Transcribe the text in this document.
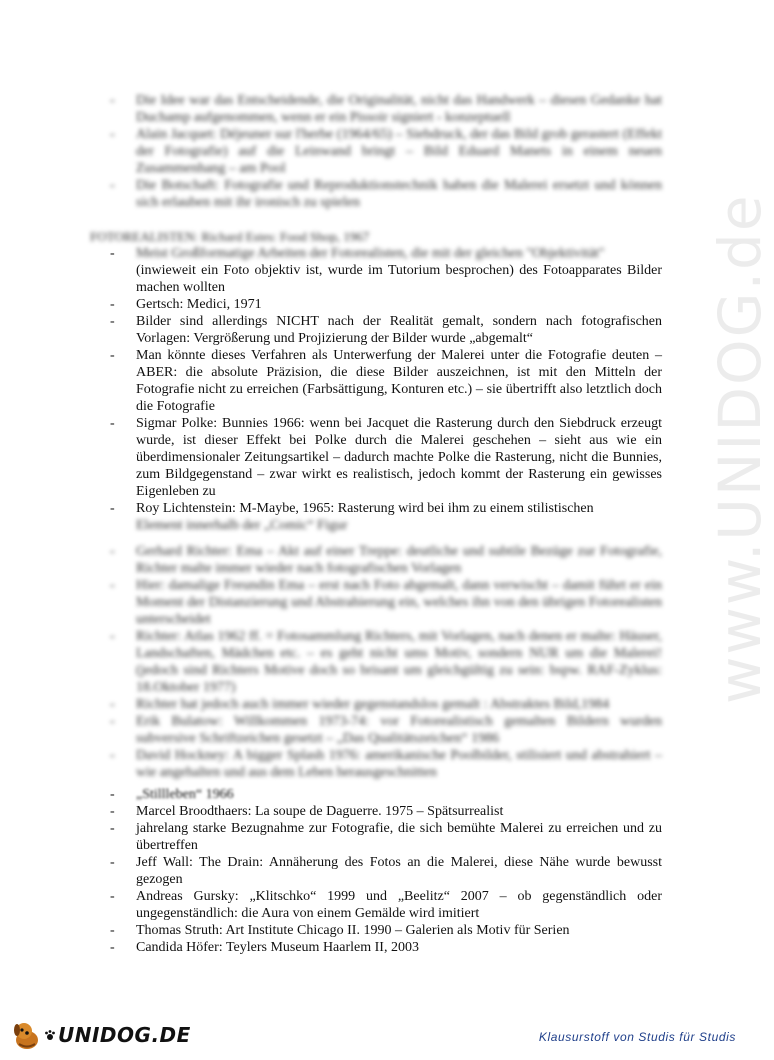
www.UNIDOG.de
- Die Idee war das Entscheidende, die Originalität, nicht das Handwerk – diesen Gedanke hat Duchamp aufgenommen, wenn er ein Pissoir signiert - konzeptuell
- Alain Jacquet: Déjeuner sur l'herbe (1964/65) – Siebdruck, der das Bild grob gerastert (Effekt der Fotografie) auf die Leinwand bringt – Bild Eduard Manets in einem neuen Zusammenhang – am Pool
- Die Botschaft: Fotografie und Reproduktionstechnik haben die Malerei ersetzt und können sich erlauben mit ihr ironisch zu spielen
FOTOREALISTEN: Richard Estes: Food Shop, 1967
- Meist Großformatige Arbeiten der Fotorealisten, die mit der gleichen "Objektivität"
(inwieweit ein Foto objektiv ist, wurde im Tutorium besprochen) des Fotoapparates Bilder machen wollten
- Gertsch: Medici, 1971
- Bilder sind allerdings NICHT nach der Realität gemalt, sondern nach fotografischen Vorlagen: Vergrößerung und Projizierung der Bilder wurde „abgemalt“
- Man könnte dieses Verfahren als Unterwerfung der Malerei unter die Fotografie deuten – ABER: die absolute Präzision, die diese Bilder auszeichnen, ist mit den Mitteln der Fotografie nicht zu erreichen (Farbsättigung, Konturen etc.) – sie übertrifft also letztlich doch die Fotografie
- Sigmar Polke: Bunnies 1966: wenn bei Jacquet die Rasterung durch den Siebdruck erzeugt wurde, ist dieser Effekt bei Polke durch die Malerei geschehen – sieht aus wie ein überdimensionaler Zeitungsartikel – dadurch machte Polke die Rasterung, nicht die Bunnies, zum Bildgegenstand – zwar wirkt es realistisch, jedoch kommt der Rasterung ein gewisses Eigenleben zu
- Roy Lichtenstein: M-Maybe, 1965: Rasterung wird bei ihm zu einem stilistischen
Element innerhalb der „Comic“ Figur
- Gerhard Richter: Ema – Akt auf einer Treppe: deutliche und subtile Bezüge zur Fotografie, Richter malte immer wieder nach fotografischen Vorlagen
- Hier: damalige Freundin Ema – erst nach Foto abgemalt, dann verwischt – damit führt er ein Moment der Distanzierung und Abstrahierung ein, welches ihn von den übrigen Fotorealisten unterscheidet
- Richter: Atlas 1962 ff. = Fotosammlung Richters, mit Vorlagen, nach denen er malte: Häuser, Landschaften, Mädchen etc. – es geht nicht ums Motiv, sondern NUR um die Malerei! (jedoch sind Richters Motive doch so brisant um gleichgültig zu sein: bspw. RAF-Zyklus: 18.Oktober 1977)
- Richter hat jedoch auch immer wieder gegenstandslos gemalt : Abstraktes Bild,1984
- Erik Bulatow: Willkommen 1973-74: vor Fotorealistisch gemalten Bildern wurden subversive Schriftzeichen gesetzt – „Das Qualitätszeichen“ 1986
- David Hockney: A bigger Splash 1976: amerikanische Poolbilder, stilisiert und abstrahiert – wie angehalten und aus dem Leben herausgeschnitten
- „Stillleben“ 1966
- Marcel Broodthaers: La soupe de Daguerre. 1975 – Spätsurrealist
- jahrelang starke Bezugnahme zur Fotografie, die sich bemühte Malerei zu erreichen und zu übertreffen
- Jeff Wall: The Drain: Annäherung des Fotos an die Malerei, diese Nähe wurde bewusst gezogen
- Andreas Gursky: „Klitschko“ 1999 und „Beelitz“ 2007 – ob gegenständlich oder ungegenständlich: die Aura von einem Gemälde wird imitiert
- Thomas Struth: Art Institute Chicago II. 1990 – Galerien als Motiv für Serien
- Candida Höfer: Teylers Museum Haarlem II, 2003
UNIDOG.DE	Klausurstoff von Studis für Studis
